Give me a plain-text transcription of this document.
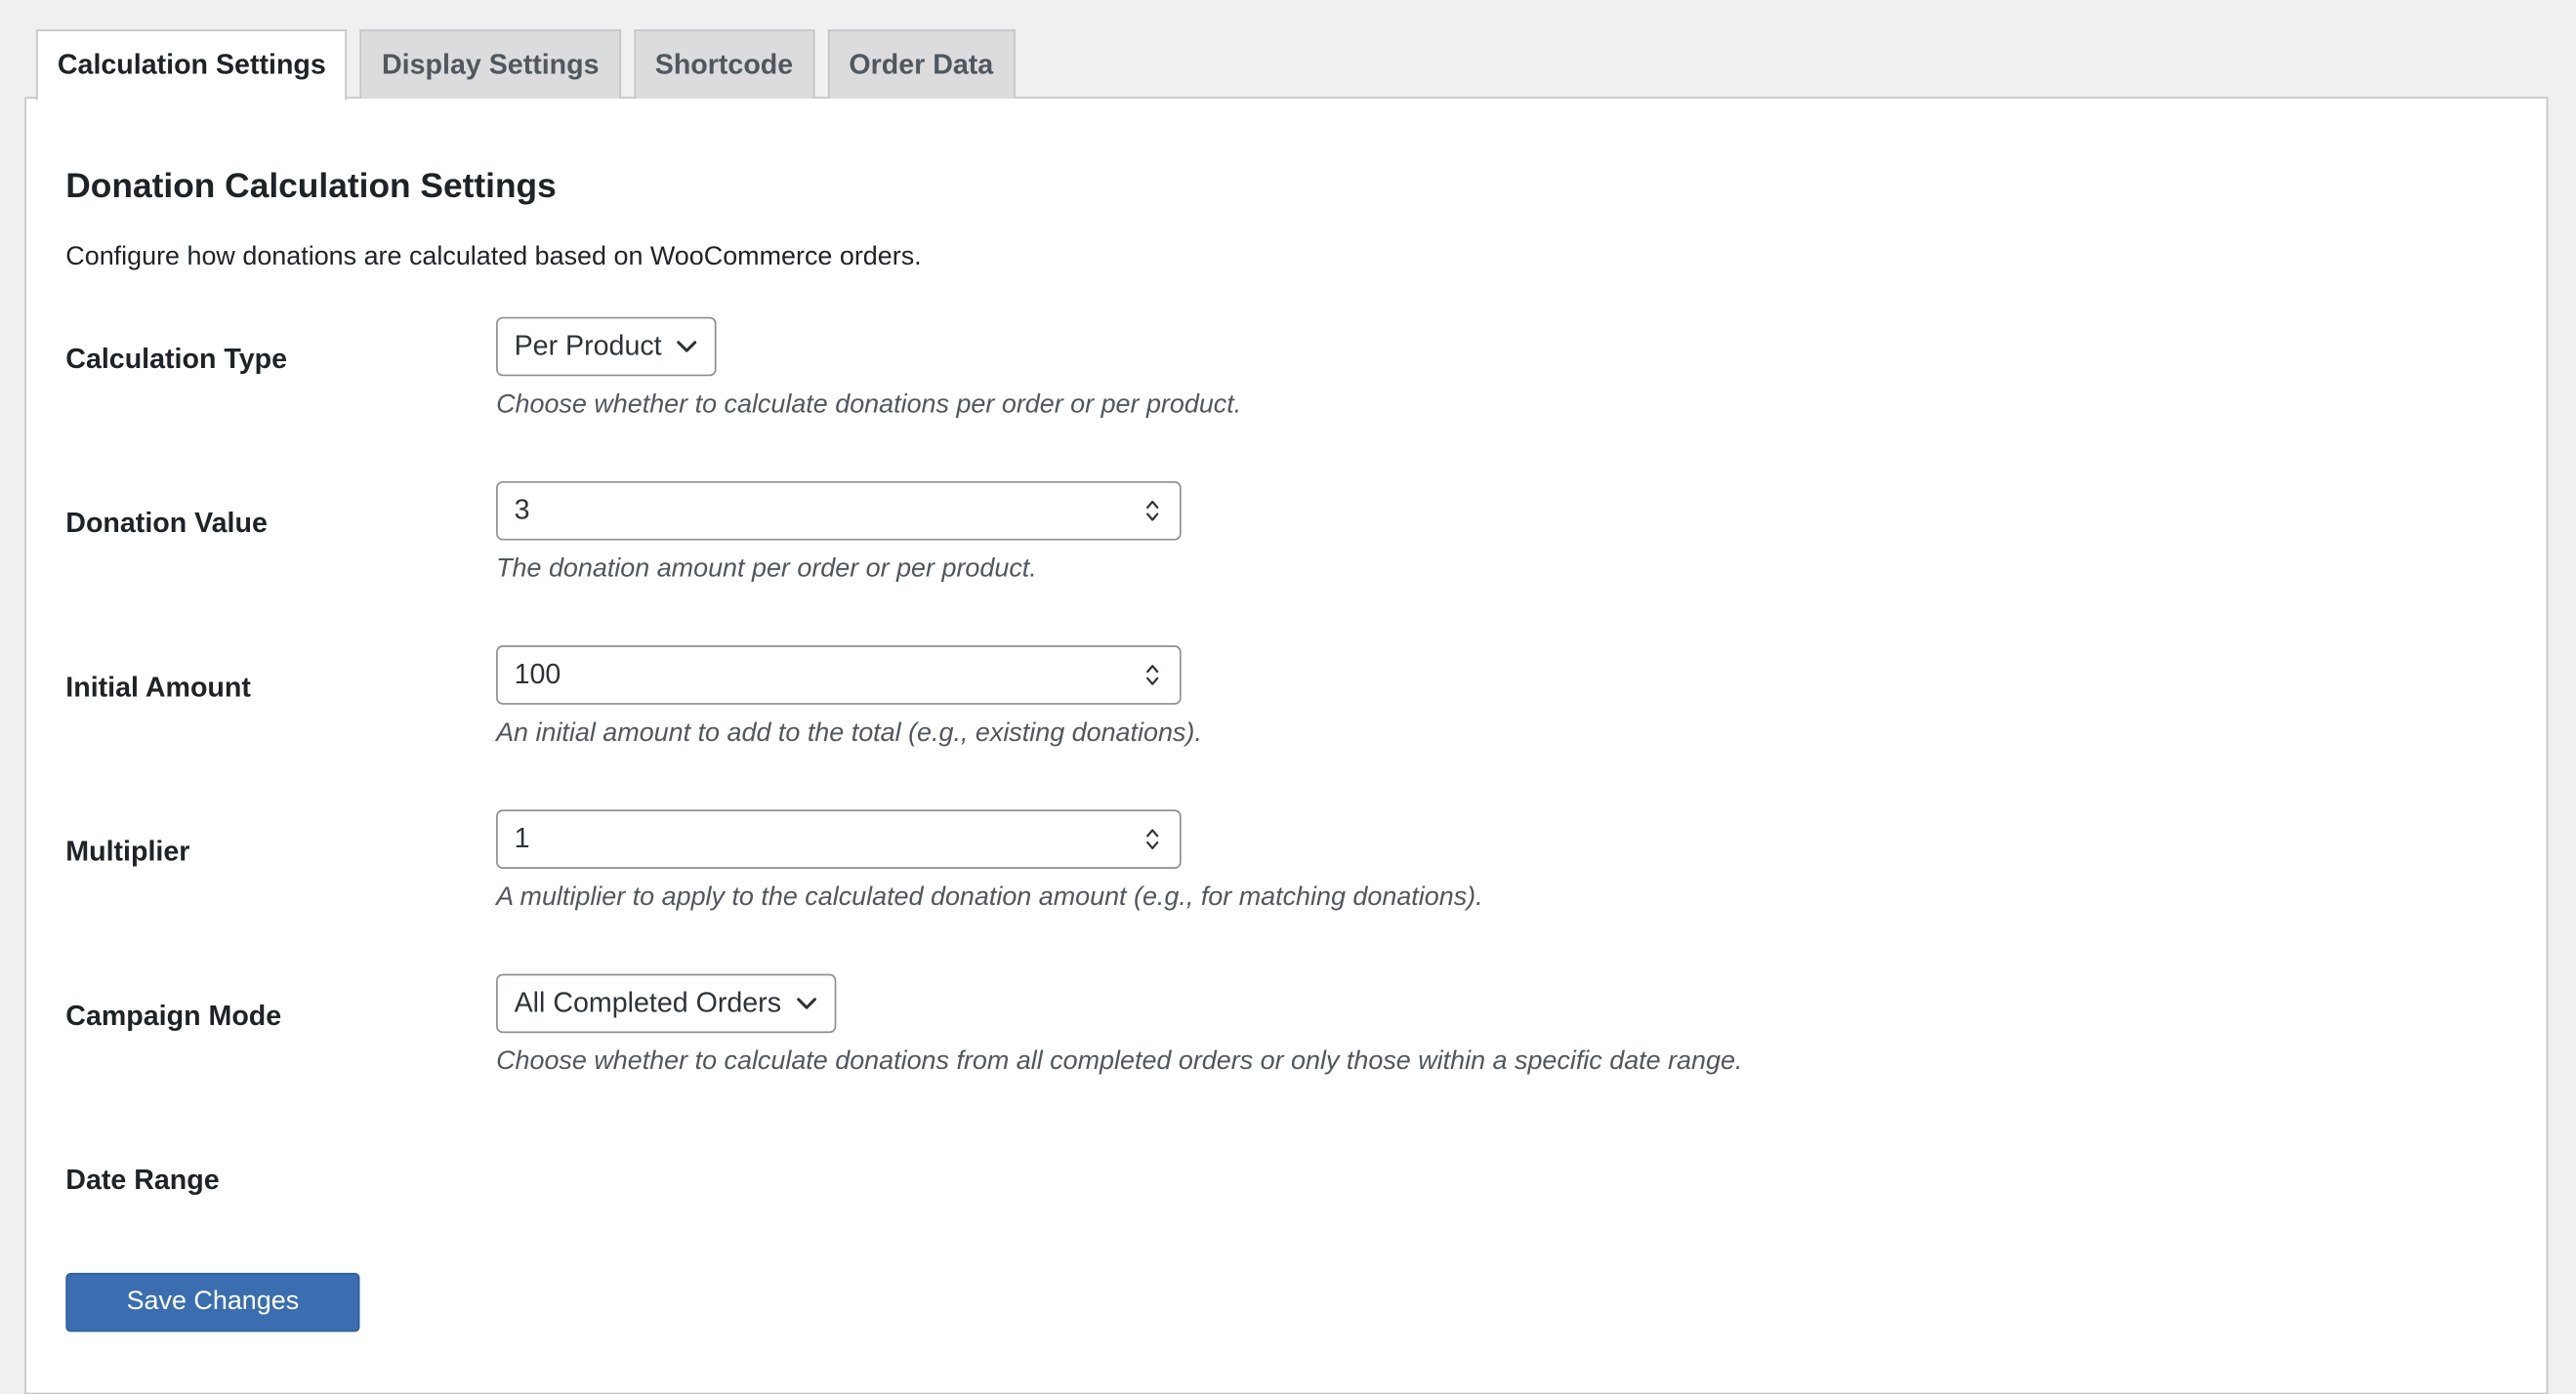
Calculation Settings	Display Settings	Shortcode	Order Data
Donation Calculation Settings

Configure how donations are calculated based on WooCommerce orders.

Calculation Type	Per Product
Choose whether to calculate donations per order or per product.
Donation Value	3
The donation amount per order or per product.
Initial Amount	100
An initial amount to add to the total (e.g., existing donations).
Multiplier	1
A multiplier to apply to the calculated donation amount (e.g., for matching donations).
Campaign Mode	All Completed Orders
Choose whether to calculate donations from all completed orders or only those within a specific date range.
Date Range
Save Changes
